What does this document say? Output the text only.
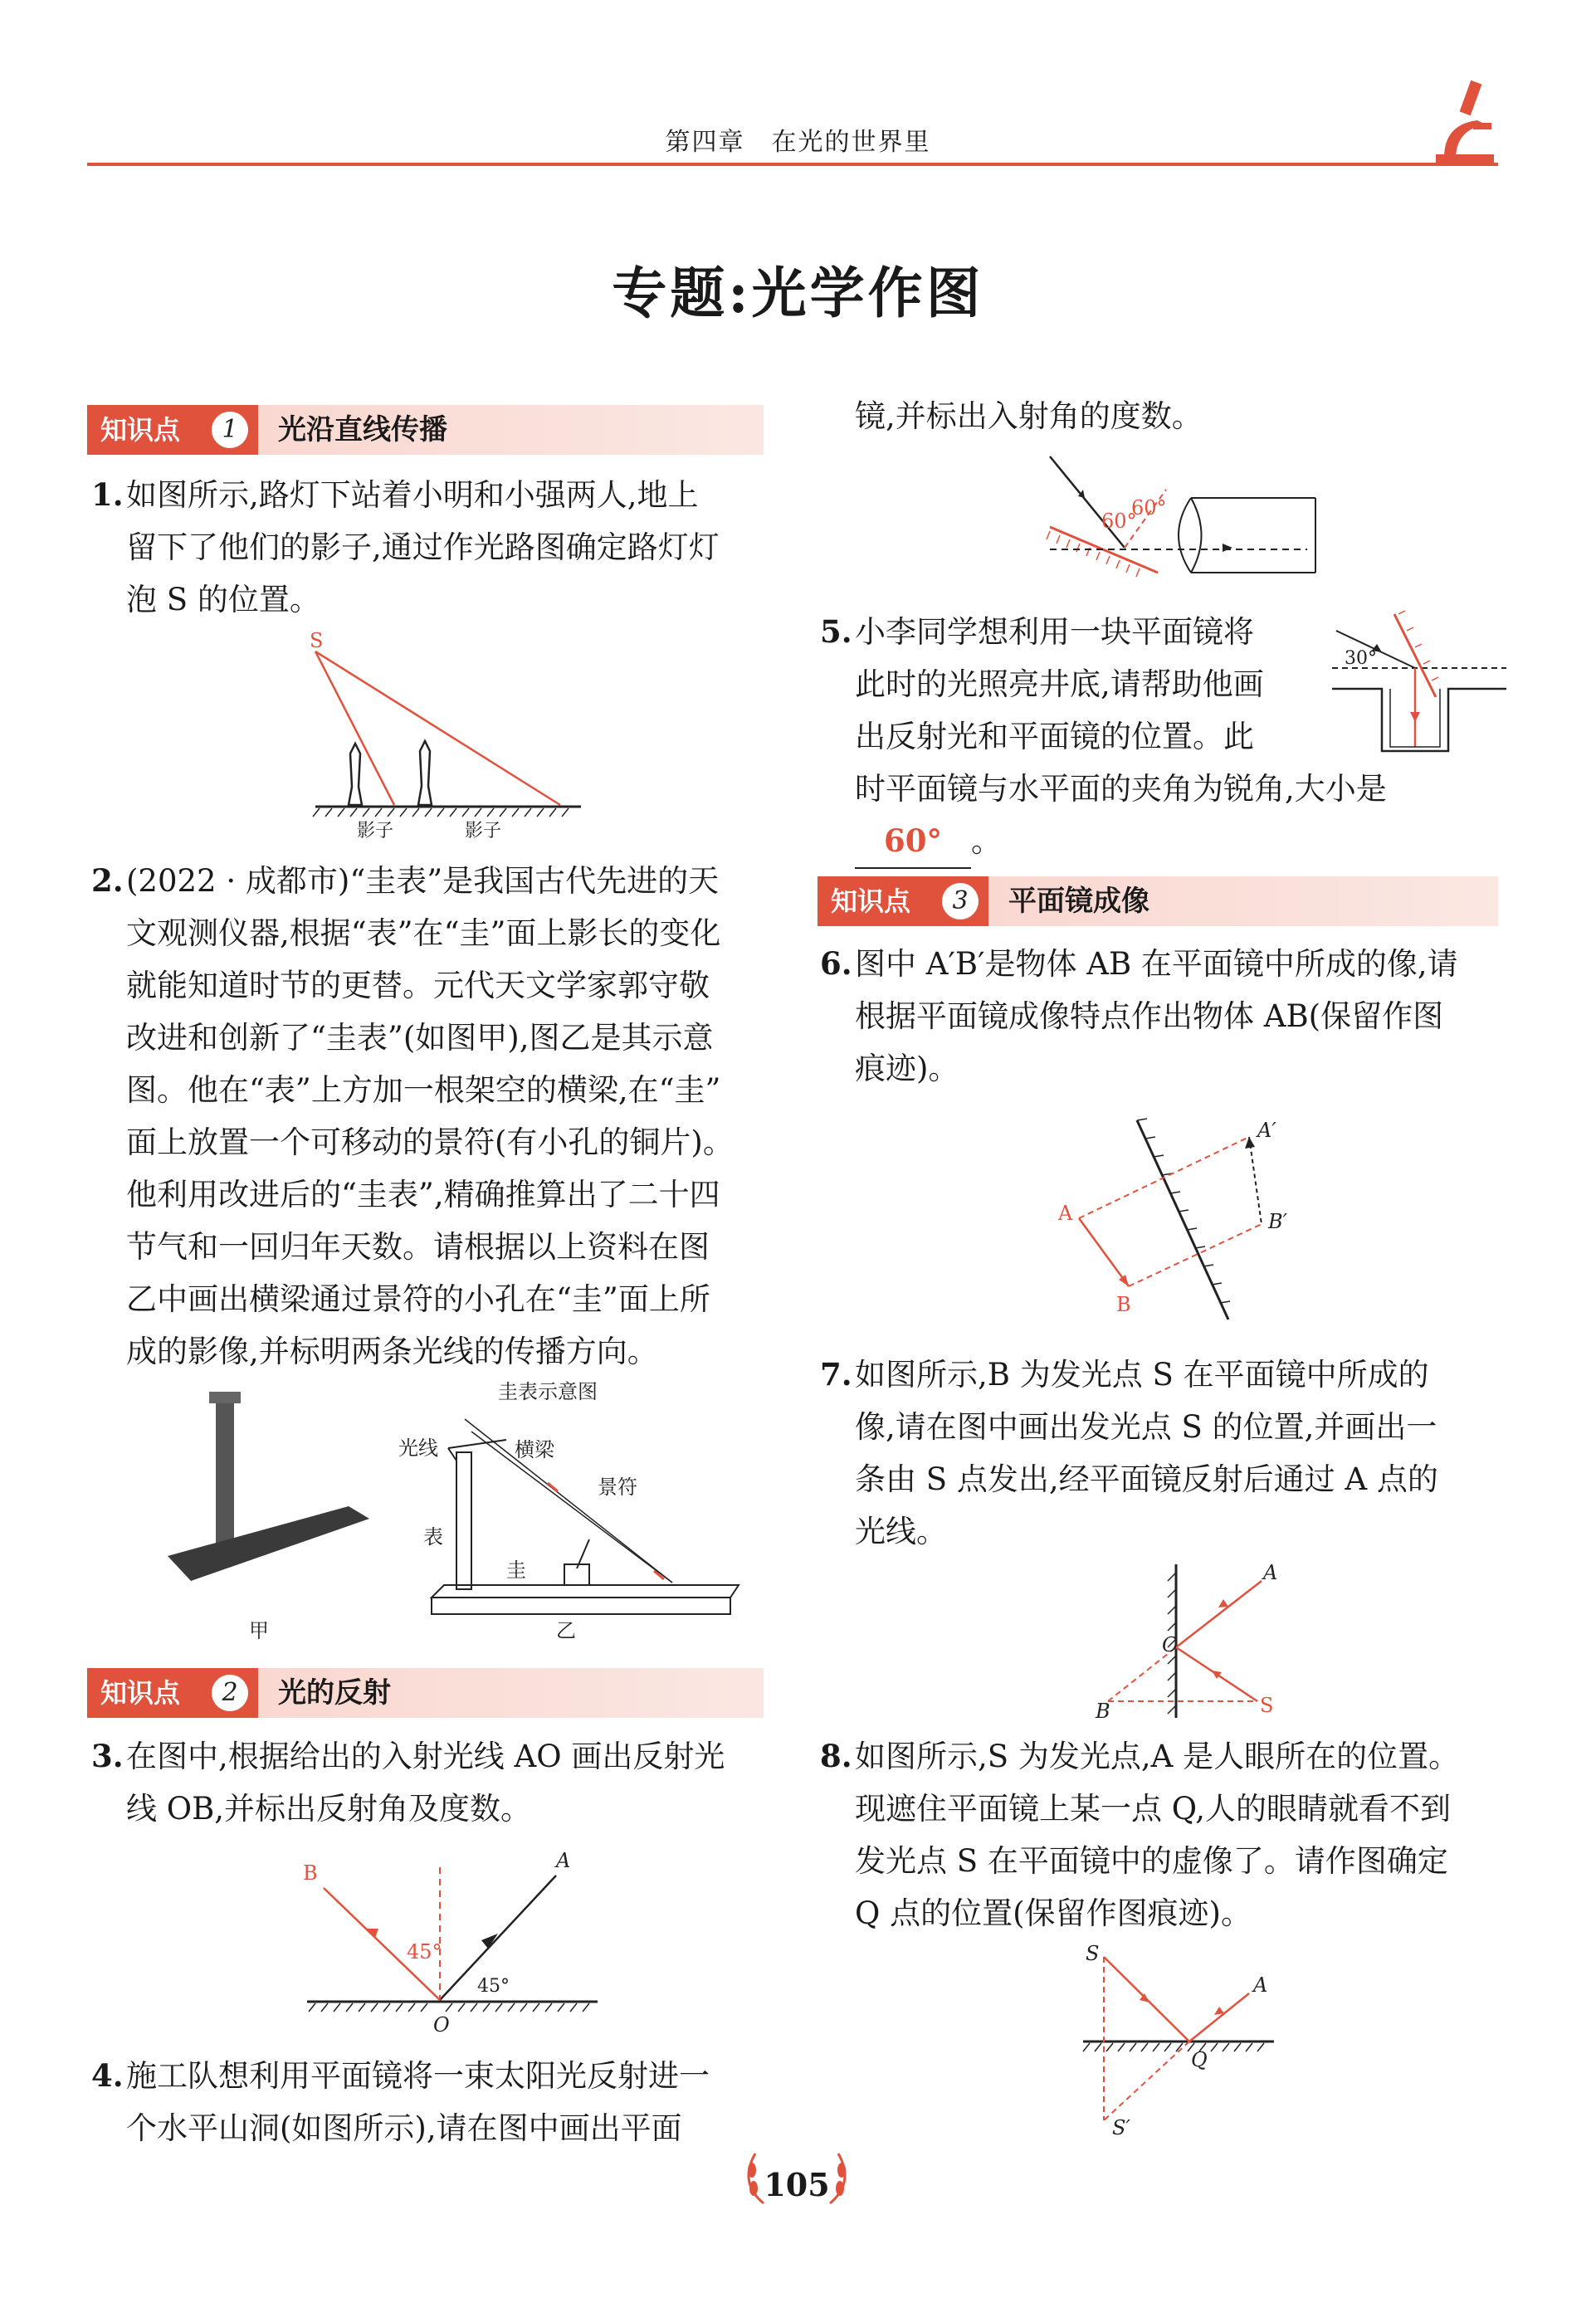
第四章　在光的世界里
专题:光学作图
知识点	1	光沿直线传播
1. 如图所示,路灯下站着小明和小强两人,地上

留下了他们的影子,通过作光路图确定路灯灯

泡 S 的位置。

S
影子	影子
2. (2022 · 成都市)“圭表”是我国古代先进的天

文观测仪器,根据“表”在“圭”面上影长的变化

就能知道时节的更替。元代天文学家郭守敬

改进和创新了“圭表”(如图甲),图乙是其示意

图。他在“表”上方加一根架空的横梁,在“圭”

面上放置一个可移动的景符(有小孔的铜片)。

他利用改进后的“圭表”,精确推算出了二十四

节气和一回归年天数。请根据以上资料在图

乙中画出横梁通过景符的小孔在“圭”面上所

成的影像,并标明两条光线的传播方向。

甲
圭表示意图
光线	横梁
景符
表
圭
乙
知识点	2	光的反射
3. 在图中,根据给出的入射光线 AO 画出反射光

线 OB,并标出反射角及度数。

A
B
45°
45°
O
4. 施工队想利用平面镜将一束太阳光反射进一

个水平山洞(如图所示),请在图中画出平面

镜,并标出入射角的度数。

60°
60°
5. 小李同学想利用一块平面镜将

此时的光照亮井底,请帮助他画

出反射光和平面镜的位置。此

时平面镜与水平面的夹角为锐角,大小是

60° 。

30°
知识点	3	平面镜成像
6. 图中 A′B′是物体 AB 在平面镜中所成的像,请

根据平面镜成像特点作出物体 AB(保留作图

痕迹)。

A
B
A′
B′
7. 如图所示,B 为发光点 S 在平面镜中所成的

像,请在图中画出发光点 S 的位置,并画出一

条由 S 点发出,经平面镜反射后通过 A 点的

光线。

A
O
B	S
8. 如图所示,S 为发光点,A 是人眼所在的位置。

现遮住平面镜上某一点 Q,人的眼睛就看不到

发光点 S 在平面镜中的虚像了。请作图确定

Q 点的位置(保留作图痕迹)。

S
A
Q
S′
105
